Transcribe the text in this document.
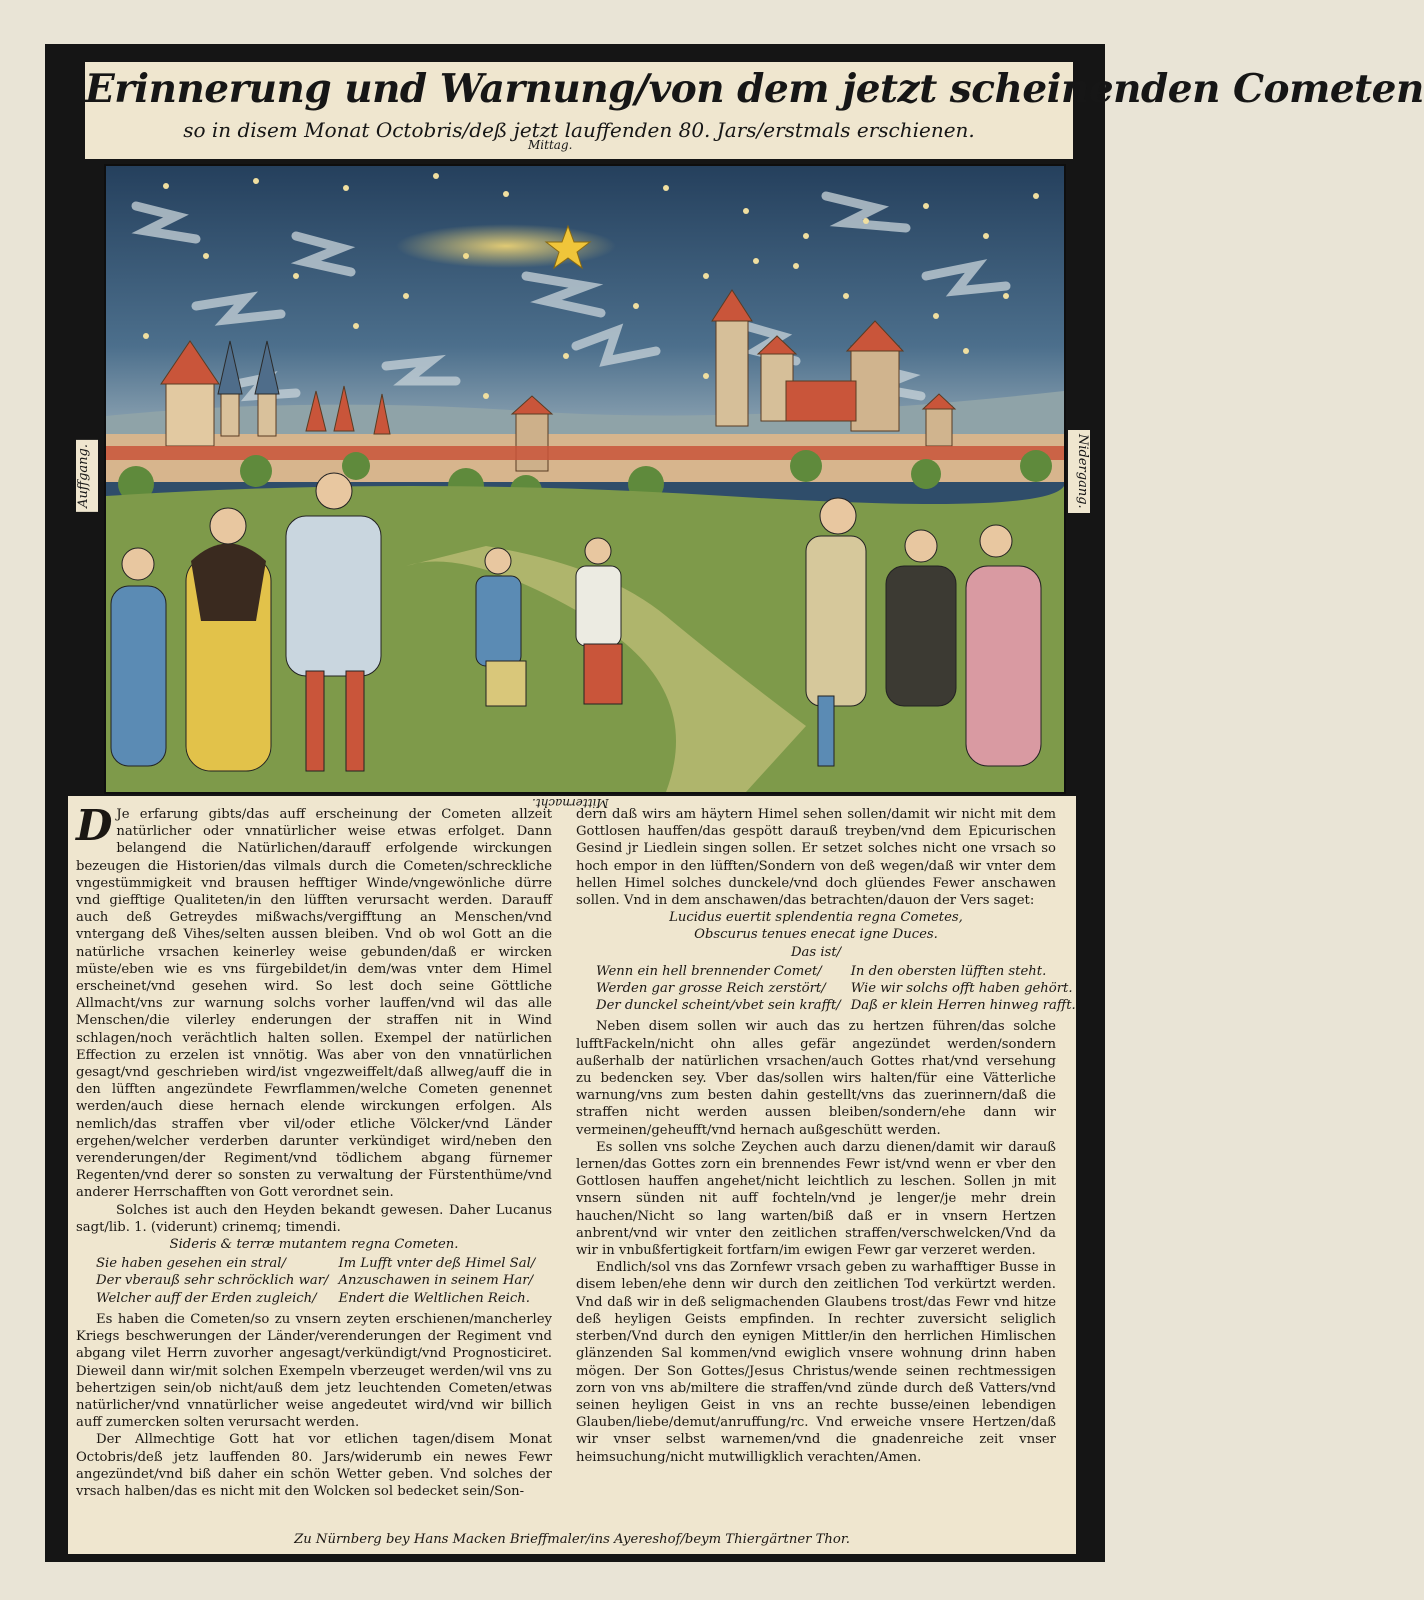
Erinnerung und Warnung/von dem jetzt scheinenden Cometen
so in disem Monat Octobris/deß jetzt lauffenden 80. Jars/erstmals erschienen.
Mittag.
Auffgang.	Nidergang.

D Je erfarung gibts/das auff erscheinung der Cometen allzeit natürlicher oder vnnatürlicher weise etwas erfolget. Dann belangend die Natürlichen/darauff erfolgende wirckungen bezeugen die Historien/das vilmals durch die Cometen/schreckliche vngestümmigkeit vnd brausen hefftiger Winde/vngewönliche dürre vnd giefftige Qualiteten/in den lüfften verursacht werden. Darauff auch deß Getreydes mißwachs/vergifftung an Menschen/vnd vntergang deß Vihes/selten aussen bleiben. Vnd ob wol Gott an die natürliche vrsachen keinerley weise gebunden/daß er wircken müste/eben wie es vns fürgebildet/in dem/was vnter dem Himel erscheinet/vnd gesehen wird. So lest doch seine Göttliche Allmacht/vns zur warnung solchs vorher lauffen/vnd wil das alle Menschen/die vilerley enderungen der straffen nit in Wind schlagen/noch verächtlich halten sollen. Exempel der natürlichen Effection zu erzelen ist vnnötig. Was aber von den vnnatürlichen gesagt/vnd geschrieben wird/ist vngezweiffelt/daß allweg/auff die in den lüfften angezündete Fewrflammen/welche Cometen genennet werden/auch diese hernach elende wirckungen erfolgen. Als nemlich/das straffen vber vil/oder etliche Völcker/vnd Länder ergehen/welcher verderben darunter verkündiget wird/neben den verenderungen/der Regiment/vnd tödlichem abgang fürnemer Regenten/vnd derer so sonsten zu verwaltung der Fürstenthüme/vnd anderer Herrschafften von Gott verordnet sein.

Solches ist auch den Heyden bekandt gewesen. Daher Lucanus sagt/lib. 1. (viderunt) crinemq; timendi.

Sideris & terræ mutantem regna Cometen.

Sie haben gesehen ein stral/	Im Lufft vnter deß Himel Sal/
Der vberauß sehr schröcklich war/ Anzuschawen in seinem Har/
Welcher auff der Erden zugleich/	Endert die Weltlichen Reich.

Es haben die Cometen/so zu vnsern zeyten erschienen/mancherley Kriegs beschwerungen der Länder/verenderungen der Regiment vnd abgang vilet Herrn zuvorher angesagt/verkündigt/vnd Prognosticiret. Dieweil dann wir/mit solchen Exempeln vberzeuget werden/wil vns zu behertzigen sein/ob nicht/auß dem jetz leuchtenden Cometen/etwas natürlicher/vnd vnnatürlicher weise angedeutet wird/vnd wir billich auff zumercken solten verursacht werden.

Der Allmechtige Gott hat vor etlichen tagen/disem Monat Octobris/deß jetz lauffenden 80. Jars/widerumb ein newes Fewr angezündet/vnd biß daher ein schön Wetter geben. Vnd solches der vrsach halben/das es nicht mit den Wolcken sol bedecket sein/Son-

dern daß wirs am häytern Himel sehen sollen/damit wir nicht mit dem Gottlosen hauffen/das gespött darauß treyben/vnd dem Epicurischen Gesind jr Liedlein singen sollen. Er setzet solches nicht one vrsach so hoch empor in den lüfften/Sondern von deß wegen/daß wir vnter dem hellen Himel solches dunckele/vnd doch glüendes Fewer anschawen sollen. Vnd in dem anschawen/das betrachten/dauon der Vers saget:

Lucidus euertit splendentia regna Cometes,

Obscurus tenues enecat igne Duces.

Das ist/

Wenn ein hell brennender Comet/	In den obersten lüfften steht.
Werden gar grosse Reich zerstört/	Wie wir solchs offt haben gehört.
Der dunckel scheint/vbet sein krafft/ Daß er klein Herren hinweg rafft.

Neben disem sollen wir auch das zu hertzen führen/das solche lufftFackeln/nicht ohn alles gefär angezündet werden/sondern außerhalb der natürlichen vrsachen/auch Gottes rhat/vnd versehung zu bedencken sey. Vber das/sollen wirs halten/für eine Vätterliche warnung/vns zum besten dahin gestellt/vns das zuerinnern/daß die straffen nicht werden aussen bleiben/sondern/ehe dann wir vermeinen/geheufft/vnd hernach außgeschütt werden.

Es sollen vns solche Zeychen auch darzu dienen/damit wir darauß lernen/das Gottes zorn ein brennendes Fewr ist/vnd wenn er vber den Gottlosen hauffen angehet/nicht leichtlich zu leschen. Sollen jn mit vnsern sünden nit auff fochteln/vnd je lenger/je mehr drein hauchen/Nicht so lang warten/biß daß er in vnsern Hertzen anbrent/vnd wir vnter den zeitlichen straffen/verschwelcken/Vnd da wir in vnbußfertigkeit fortfarn/im ewigen Fewr gar verzeret werden.

Endlich/sol vns das Zornfewr vrsach geben zu warhafftiger Busse in disem leben/ehe denn wir durch den zeitlichen Tod verkürtzt werden. Vnd daß wir in deß seligmachenden Glaubens trost/das Fewr vnd hitze deß heyligen Geists empfinden. In rechter zuversicht seliglich sterben/Vnd durch den eynigen Mittler/in den herrlichen Himlischen glänzenden Sal kommen/vnd ewiglich vnsere wohnung drinn haben mögen. Der Son Gottes/Jesus Christus/wende seinen rechtmessigen zorn von vns ab/miltere die straffen/vnd zünde durch deß Vatters/vnd seinen heyligen Geist in vns an rechte busse/einen lebendigen Glauben/liebe/demut/anruffung/rc. Vnd erweiche vnsere Hertzen/daß wir vnser selbst warnemen/vnd die gnadenreiche zeit vnser heimsuchung/nicht mutwilligklich verachten/Amen.

Zu Nürnberg bey Hans Macken Brieffmaler/ins Ayereshof/beym Thiergärtner Thor.
Mitternacht.
